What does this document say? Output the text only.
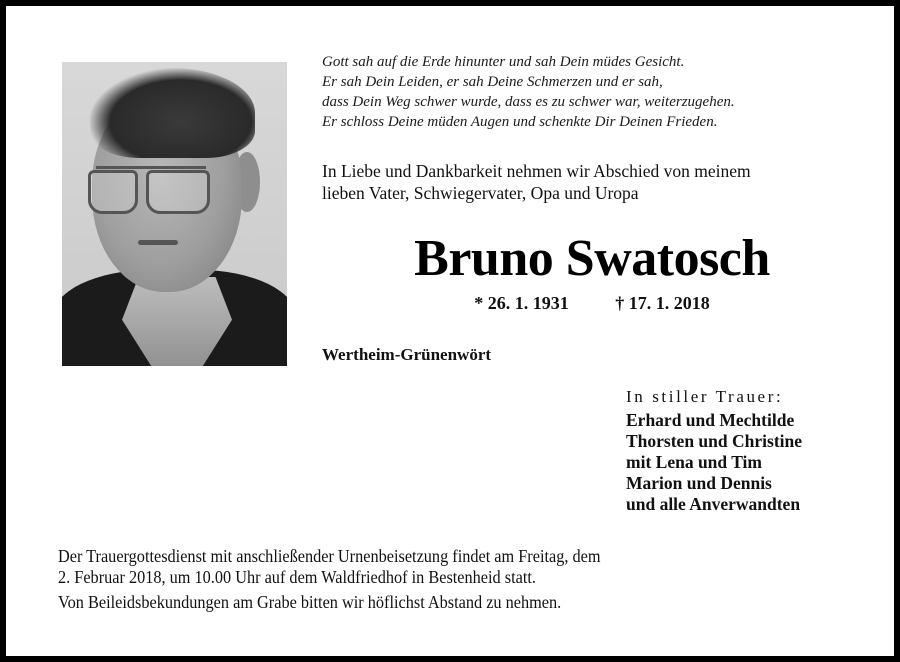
Gott sah auf die Erde hinunter und sah Dein müdes Gesicht.
Er sah Dein Leiden, er sah Deine Schmerzen und er sah,
dass Dein Weg schwer wurde, dass es zu schwer war, weiterzugehen.
Er schloss Deine müden Augen und schenkte Dir Deinen Frieden.
In Liebe und Dankbarkeit nehmen wir Abschied von meinem
lieben Vater, Schwiegervater, Opa und Uropa
Bruno Swatosch
* 26. 1. 1931	† 17. 1. 2018
Wertheim-Grünenwört
In stiller Trauer:
Erhard und Mechtilde
Thorsten und Christine
mit Lena und Tim
Marion und Dennis
und alle Anverwandten
Der Trauergottesdienst mit anschließender Urnenbeisetzung findet am Freitag, dem
2. Februar 2018, um 10.00 Uhr auf dem Waldfriedhof in Bestenheid statt.
Von Beileidsbekundungen am Grabe bitten wir höflichst Abstand zu nehmen.
